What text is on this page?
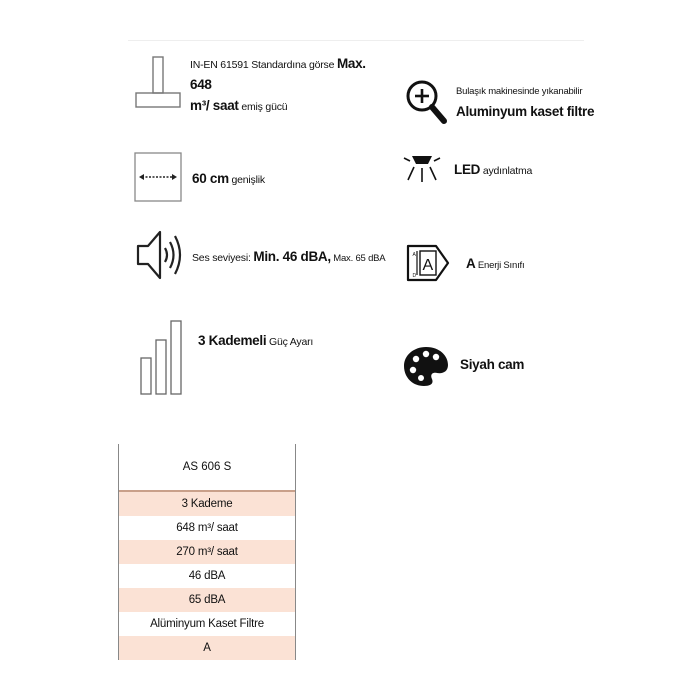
IN-EN 61591 Standardına görse Max. 648
m³/ saat emiş gücü
60 cm genişlik
Ses seviyesi: Min. 46 dBA, Max. 65 dBA
3 Kademeli Güç Ayarı
Bulaşık makinesinde yıkanabilir
Aluminyum kaset filtre
LED aydınlatma
A
D
A A Enerji Sınıfı
Siyah cam
AS 606 S
3 Kademe
648 m³/ saat
270 m³/ saat
46 dBA
65 dBA
Alüminyum Kaset Filtre
A
